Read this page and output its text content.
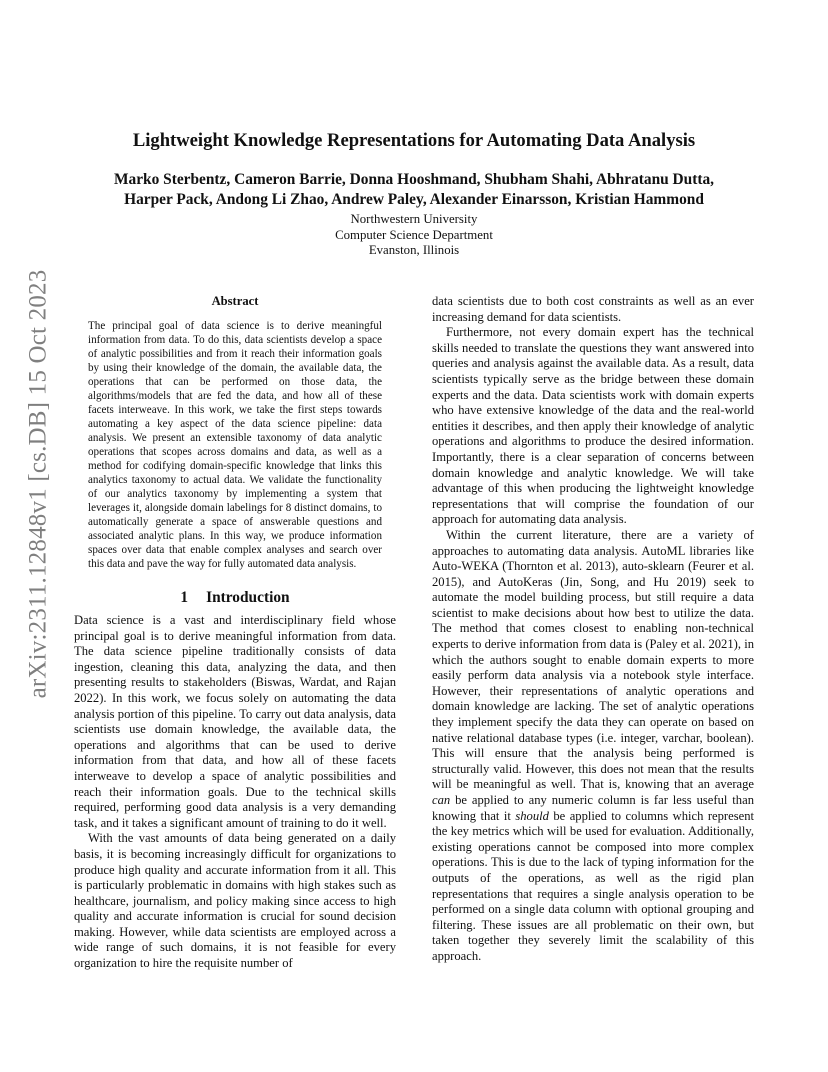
arXiv:2311.12848v1 [cs.DB] 15 Oct 2023
Lightweight Knowledge Representations for Automating Data Analysis
Marko Sterbentz, Cameron Barrie, Donna Hooshmand, Shubham Shahi, Abhratanu Dutta,
Harper Pack, Andong Li Zhao, Andrew Paley, Alexander Einarsson, Kristian Hammond
Northwestern University
Computer Science Department
Evanston, Illinois
Abstract

The principal goal of data science is to derive meaningful information from data. To do this, data scientists develop a space of analytic possibilities and from it reach their information goals by using their knowledge of the domain, the available data, the operations that can be performed on those data, the algorithms/models that are fed the data, and how all of these facets interweave. In this work, we take the first steps towards automating a key aspect of the data science pipeline: data analysis. We present an extensible taxonomy of data analytic operations that scopes across domains and data, as well as a method for codifying domain-specific knowledge that links this analytics taxonomy to actual data. We validate the functionality of our analytics taxonomy by implementing a system that leverages it, alongside domain labelings for 8 distinct domains, to automatically generate a space of answerable questions and associated analytic plans. In this way, we produce information spaces over data that enable complex analyses and search over this data and pave the way for fully automated data analysis.

1 Introduction

Data science is a vast and interdisciplinary field whose principal goal is to derive meaningful information from data. The data science pipeline traditionally consists of data ingestion, cleaning this data, analyzing the data, and then presenting results to stakeholders (Biswas, Wardat, and Rajan 2022). In this work, we focus solely on automating the data analysis portion of this pipeline. To carry out data analysis, data scientists use domain knowledge, the available data, the operations and algorithms that can be used to derive information from that data, and how all of these facets interweave to develop a space of analytic possibilities and reach their information goals. Due to the technical skills required, performing good data analysis is a very demanding task, and it takes a significant amount of training to do it well.

With the vast amounts of data being generated on a daily basis, it is becoming increasingly difficult for organizations to produce high quality and accurate information from it all. This is particularly problematic in domains with high stakes such as healthcare, journalism, and policy making since access to high quality and accurate information is crucial for sound decision making. However, while data scientists are employed across a wide range of such domains, it is not feasible for every organization to hire the requisite number of

data scientists due to both cost constraints as well as an ever increasing demand for data scientists.

Furthermore, not every domain expert has the technical skills needed to translate the questions they want answered into queries and analysis against the available data. As a result, data scientists typically serve as the bridge between these domain experts and the data. Data scientists work with domain experts who have extensive knowledge of the data and the real-world entities it describes, and then apply their knowledge of analytic operations and algorithms to produce the desired information. Importantly, there is a clear separation of concerns between domain knowledge and analytic knowledge. We will take advantage of this when producing the lightweight knowledge representations that will comprise the foundation of our approach for automating data analysis.

Within the current literature, there are a variety of approaches to automating data analysis. AutoML libraries like Auto-WEKA (Thornton et al. 2013), auto-sklearn (Feurer et al. 2015), and AutoKeras (Jin, Song, and Hu 2019) seek to automate the model building process, but still require a data scientist to make decisions about how best to utilize the data. The method that comes closest to enabling non-technical experts to derive information from data is (Paley et al. 2021), in which the authors sought to enable domain experts to more easily perform data analysis via a notebook style interface. However, their representations of analytic operations and domain knowledge are lacking. The set of analytic operations they implement specify the data they can operate on based on native relational database types (i.e. integer, varchar, boolean). This will ensure that the analysis being performed is structurally valid. However, this does not mean that the results will be meaningful as well. That is, knowing that an average can be applied to any numeric column is far less useful than knowing that it should be applied to columns which represent the key metrics which will be used for evaluation. Additionally, existing operations cannot be composed into more complex operations. This is due to the lack of typing information for the outputs of the operations, as well as the rigid plan representations that requires a single analysis operation to be performed on a single data column with optional grouping and filtering. These issues are all problematic on their own, but taken together they severely limit the scalability of this approach.
